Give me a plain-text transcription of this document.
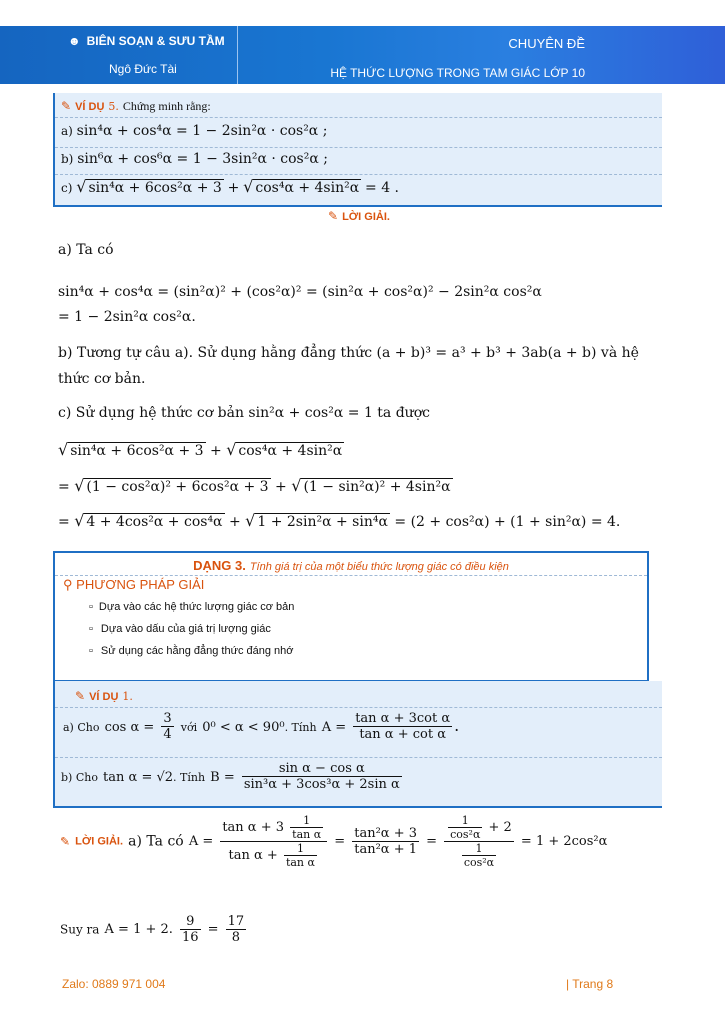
☻ BIÊN SOẠN & SƯU TẦM
Ngô Đức Tài
CHUYÊN ĐỀ
HỆ THỨC LƯỢNG TRONG TAM GIÁC LỚP 10
✎ VÍ DỤ 5. Chứng minh rằng:
a) sin⁴α + cos⁴α = 1 − 2sin²α · cos²α ;
b) sin⁶α + cos⁶α = 1 − 3sin²α · cos²α ;
c) √ sin⁴α + 6cos²α + 3 + √ cos⁴α + 4sin²α = 4 .
✎ LỜI GIẢI.
a) Ta có
sin⁴α + cos⁴α = (sin²α)² + (cos²α)² = (sin²α + cos²α)² − 2sin²α cos²α
= 1 − 2sin²α cos²α.
b) Tương tự câu a). Sử dụng hằng đẳng thức (a + b)³ = a³ + b³ + 3ab(a + b) và hệ
thức cơ bản.
c) Sử dụng hệ thức cơ bản sin²α + cos²α = 1 ta được
√ sin⁴α + 6cos²α + 3 + √ cos⁴α + 4sin²α
= √ (1 − cos²α)² + 6cos²α + 3 + √ (1 − sin²α)² + 4sin²α
= √ 4 + 4cos²α + cos⁴α + √ 1 + 2sin²α + sin⁴α = (2 + cos²α) + (1 + sin²α) = 4.
DẠNG 3. Tính giá trị của một biểu thức lượng giác có điều kiện
⚲ PHƯƠNG PHÁP GIẢI
▫ Dựa vào các hệ thức lượng giác cơ bản
▫ Dựa vào dấu của giá trị lượng giác
▫ Sử dụng các hằng đẳng thức đáng nhớ
✎ VÍ DỤ 1.
a) Cho $\cos \alpha = \frac{3}{4}$ với 0⁰ < α < 90⁰. Tính $A = \frac{\text{tan α + 3cot α}}{\text{tan α + cot α}}$ .
b) Cho tan α = √2. Tính $B = \frac{\text{sin α − cos α}}{\text{sin³α + 3cos³α + 2sin α}}$
✎ LỜI GIẢI. a) Ta có $A = \frac{\tan \alpha + 3 \frac{1}{\text{tan α}}}{\tan \alpha + \frac{1}{\text{tan α}}} = \frac{\text{tan²α + 3}}{\text{tan²α + 1}} = \frac{\frac{1}{\text{cos²α}} + 2}{\frac{1}{\text{cos²α}}} = 1 + 2\cos^2\alpha$
Suy ra A = 1 + 2. $\frac{9}{16} = \frac{17}{8}$
Zalo: 0889 971 004	| Trang 8
